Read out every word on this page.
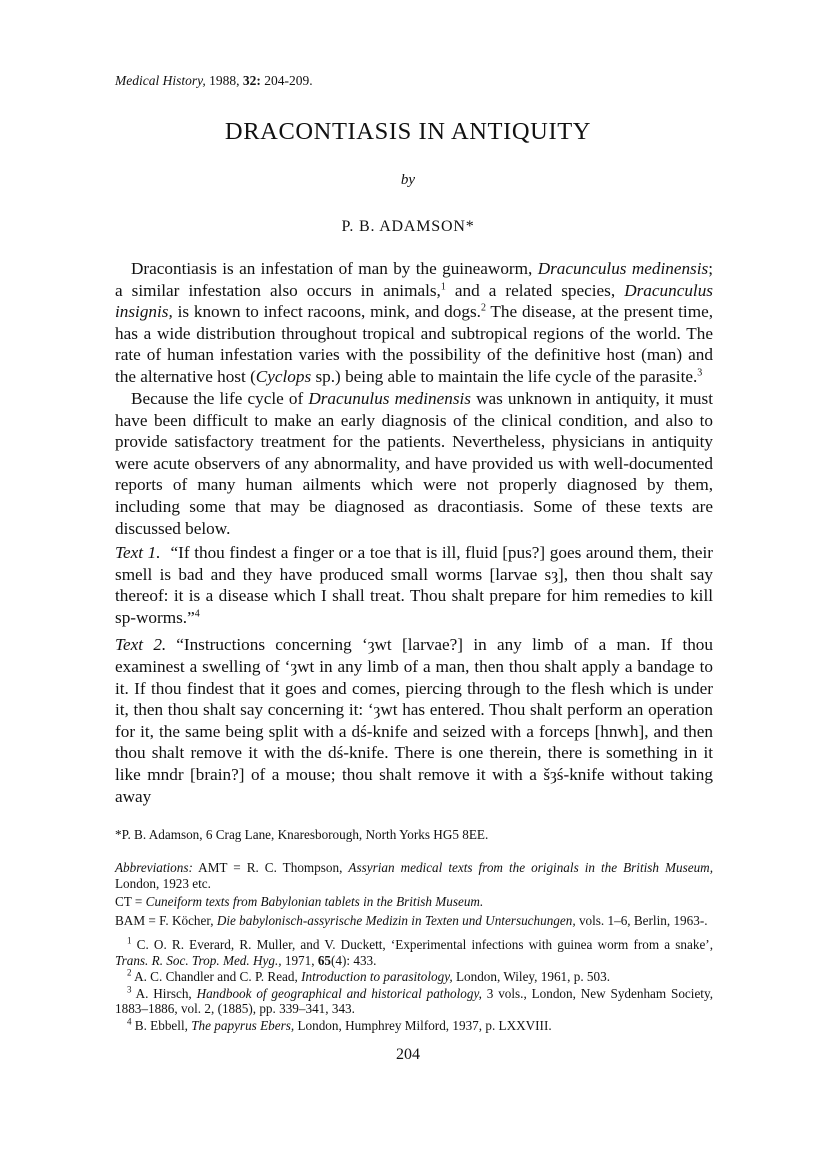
Medical History, 1988, 32: 204-209.
DRACONTIASIS IN ANTIQUITY
by
P. B. ADAMSON*

Dracontiasis is an infestation of man by the guineaworm, Dracunculus medinensis; a similar infestation also occurs in animals,$^1$ and a related species, Dracunculus insignis, is known to infect racoons, mink, and dogs.$^2$ The disease, at the present time, has a wide distribution throughout tropical and subtropical regions of the world. The rate of human infestation varies with the possibility of the definitive host (man) and the alternative host (Cyclops sp.) being able to maintain the life cycle of the parasite.$^3$

Because the life cycle of Dracunulus medinensis was unknown in antiquity, it must have been difficult to make an early diagnosis of the clinical condition, and also to provide satisfactory treatment for the patients. Nevertheless, physicians in antiquity were acute observers of any abnormality, and have provided us with well-documented reports of many human ailments which were not properly diagnosed by them, including some that may be diagnosed as dracontiasis. Some of these texts are discussed below.

Text 1. “If thou findest a finger or a toe that is ill, fluid [pus?] goes around them, their smell is bad and they have produced small worms [larvae sȝ], then thou shalt say thereof: it is a disease which I shall treat. Thou shalt prepare for him remedies to kill sp-worms.”$^4$

Text 2. “Instructions concerning ‘ȝwt [larvae?] in any limb of a man. If thou examinest a swelling of ‘ȝwt in any limb of a man, then thou shalt apply a bandage to it. If thou findest that it goes and comes, piercing through to the flesh which is under it, then thou shalt say concerning it: ‘ȝwt has entered. Thou shalt perform an operation for it, the same being split with a dś-knife and seized with a forceps [hnwh], and then thou shalt remove it with the dś-knife. There is one therein, there is something in it like mndr [brain?] of a mouse; thou shalt remove it with a šȝś-knife without taking away

*P. B. Adamson, 6 Crag Lane, Knaresborough, North Yorks HG5 8EE.

Abbreviations: AMT = R. C. Thompson, Assyrian medical texts from the originals in the British Museum, London, 1923 etc.

CT = Cuneiform texts from Babylonian tablets in the British Museum.

BAM = F. Köcher, Die babylonisch-assyrische Medizin in Texten und Untersuchungen, vols. 1–6, Berlin, 1963-.

$^1$ C. O. R. Everard, R. Muller, and V. Duckett, ‘Experimental infections with guinea worm from a snake’, Trans. R. Soc. Trop. Med. Hyg., 1971, 65(4): 433.

$^2$ A. C. Chandler and C. P. Read, Introduction to parasitology, London, Wiley, 1961, p. 503.

$^3$ A. Hirsch, Handbook of geographical and historical pathology, 3 vols., London, New Sydenham Society, 1883–1886, vol. 2, (1885), pp. 339–341, 343.

$^4$ B. Ebbell, The papyrus Ebers, London, Humphrey Milford, 1937, p. LXXVIII.

204
